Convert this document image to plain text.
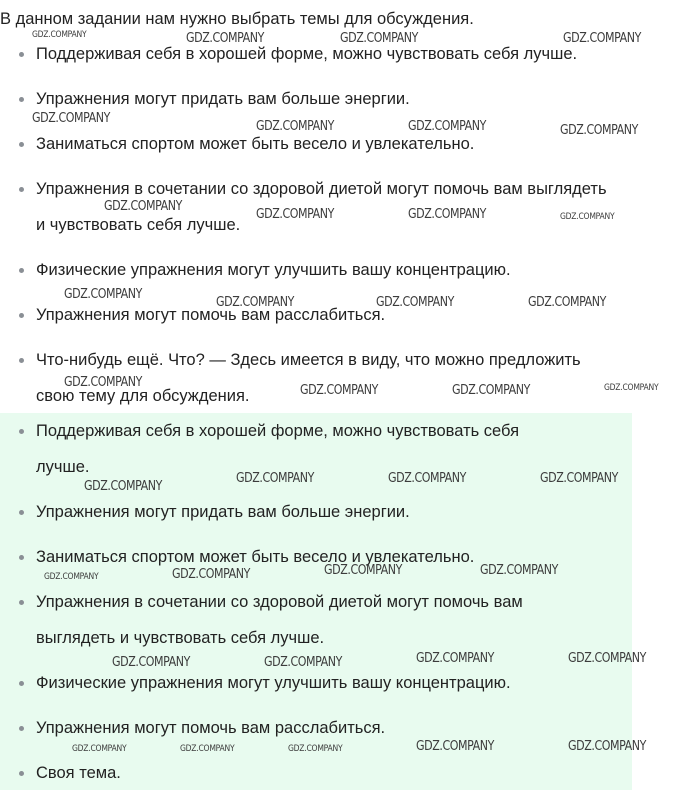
В данном задании нам нужно выбрать темы для обсуждения.
Поддерживая себя в хорошей форме, можно чувствовать себя лучше.
Упражнения могут придать вам больше энергии.
Заниматься спортом может быть весело и увлекательно.
Упражнения в сочетании со здоровой диетой могут помочь вам выглядеть
и чувствовать себя лучше.
Физические упражнения могут улучшить вашу концентрацию.
Упражнения могут помочь вам расслабиться.
Что-нибудь ещё. Что? — Здесь имеется в виду, что можно предложить
свою тему для обсуждения.
Поддерживая себя в хорошей форме, можно чувствовать себя
лучше.
Упражнения могут придать вам больше энергии.
Заниматься спортом может быть весело и увлекательно.
Упражнения в сочетании со здоровой диетой могут помочь вам
выглядеть и чувствовать себя лучше.
Физические упражнения могут улучшить вашу концентрацию.
Упражнения могут помочь вам расслабиться.
Своя тема.
GDZ.COMPANY	GDZ.COMPANY	GDZ.COMPANY	GDZ.COMPANY
GDZ.COMPANY
GDZ.COMPANY	GDZ.COMPANY	GDZ.COMPANY
GDZ.COMPANY
GDZ.COMPANY	GDZ.COMPANY	GDZ.COMPANY
GDZ.COMPANY
GDZ.COMPANY	GDZ.COMPANY	GDZ.COMPANY
GDZ.COMPANY
GDZ.COMPANY	GDZ.COMPANY	GDZ.COMPANY
GDZ.COMPANY
GDZ.COMPANY	GDZ.COMPANY	GDZ.COMPANY
GDZ.COMPANY	GDZ.COMPANY	GDZ.COMPANY	GDZ.COMPANY
GDZ.COMPANY	GDZ.COMPANY	GDZ.COMPANY	GDZ.COMPANY
GDZ.COMPANY	GDZ.COMPANY	GDZ.COMPANY	GDZ.COMPANY	GDZ.COMPANY
